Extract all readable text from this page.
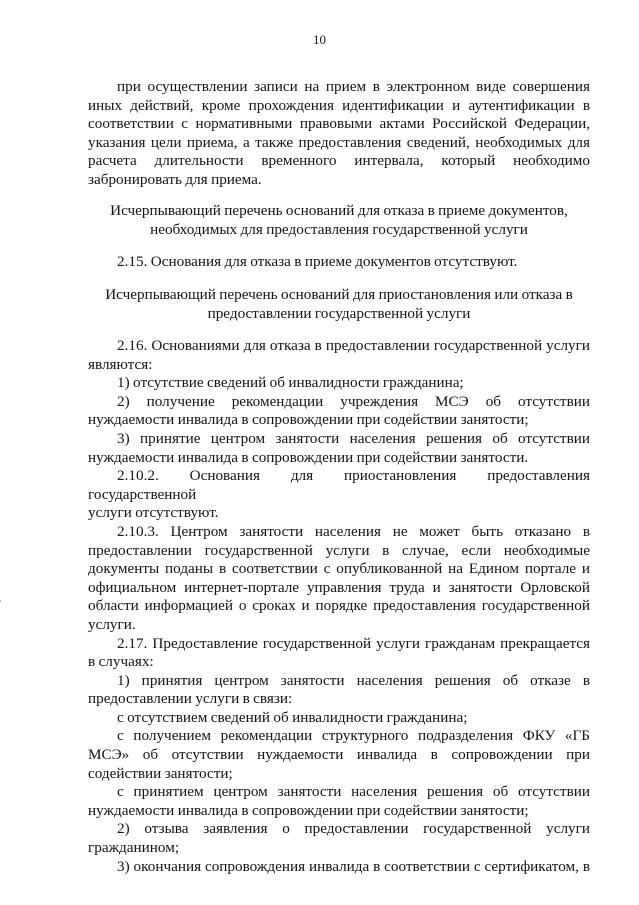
10
при осуществлении записи на прием в электронном виде совершения
иных действий, кроме прохождения идентификации и аутентификации в
соответствии с нормативными правовыми актами Российской Федерации,
указания цели приема, а также предоставления сведений, необходимых для
расчета длительности временного интервала, который необходимо
забронировать для приема.
Исчерпывающий перечень оснований для отказа в приеме документов,
необходимых для предоставления государственной услуги
2.15. Основания для отказа в приеме документов отсутствуют.
Исчерпывающий перечень оснований для приостановления или отказа в
предоставлении государственной услуги
2.16. Основаниями для отказа в предоставлении государственной услуги
являются:
1) отсутствие сведений об инвалидности гражданина;
2) получение рекомендации учреждения МСЭ об отсутствии
нуждаемости инвалида в сопровождении при содействии занятости;
3) принятие центром занятости населения решения об отсутствии
нуждаемости инвалида в сопровождении при содействии занятости.
2.10.2. Основания для приостановления предоставления государственной
услуги отсутствуют.
2.10.3. Центром занятости населения не может быть отказано в
предоставлении государственной услуги в случае, если необходимые
документы поданы в соответствии с опубликованной на Едином портале и
официальном интернет-портале управления труда и занятости Орловской
области информацией о сроках и порядке предоставления государственной
услуги.
2.17. Предоставление государственной услуги гражданам прекращается
в случаях:
1) принятия центром занятости населения решения об отказе в
предоставлении услуги в связи:
с отсутствием сведений об инвалидности гражданина;
с получением рекомендации структурного подразделения ФКУ «ГБ
МСЭ» об отсутствии нуждаемости инвалида в сопровождении при
содействии занятости;
с принятием центром занятости населения решения об отсутствии
нуждаемости инвалида в сопровождении при содействии занятости;
2) отзыва заявления о предоставлении государственной услуги
гражданином;
3) окончания сопровождения инвалида в соответствии с сертификатом, в
